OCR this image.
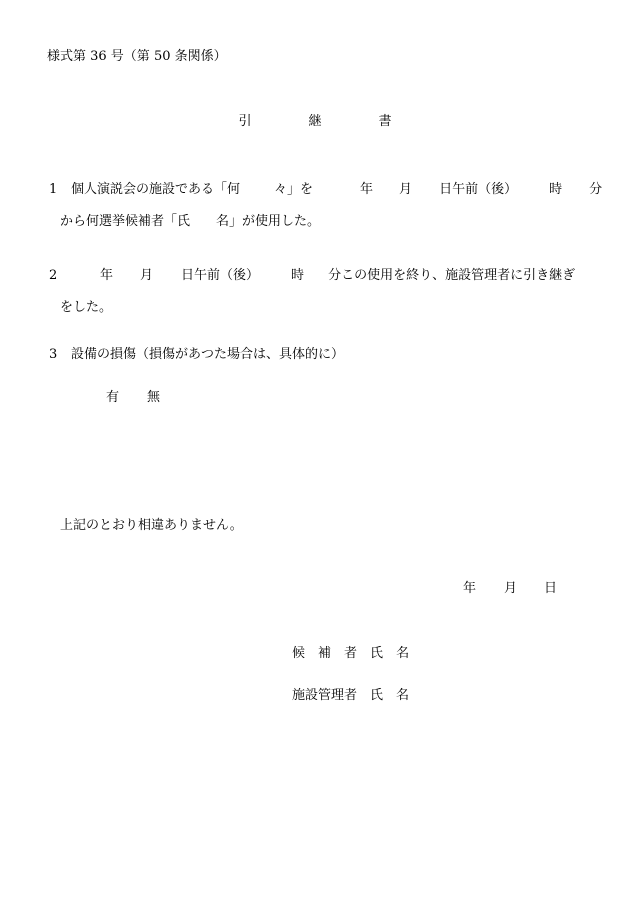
様式第 36 号（第 50 条関係）
引	継	書
1 個人演説会の施設である「何	々」を	年 月 日午前（後） 時 分
から何選挙候補者「氏　　名」が使用した。
2	年 月 日午前（後） 時 分この使用を終り、施設管理者に引き継ぎ
をした。
3 設備の損傷（損傷があつた場合は、具体的に）
有 無
上記のとおり相違ありません。
年 月 日
候 補 者 氏 名
施設管理者 氏 名
